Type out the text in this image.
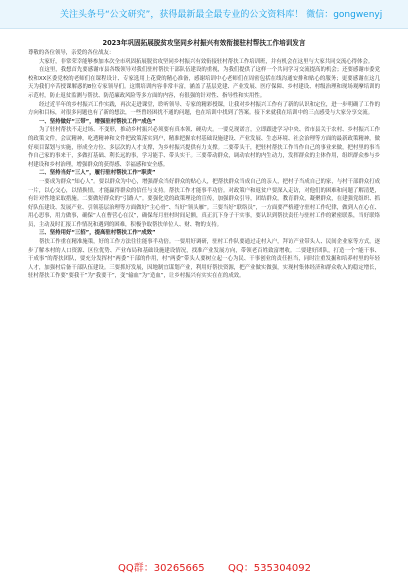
关注头条号“公文研究”，获得最新最全最专业的公文资料库！ 微信：gongwenyj
2023年巩固拓展脱贫攻坚同乡村振兴有效衔接驻村帮扶工作培训发言

尊敬的各位领导，亲爱的各位战友：

大家好，非常荣幸能够参加本次全市巩固拓展脱贫攻坚同乡村振兴有效衔接驻村帮扶工作培训班，并有机会在这里与大家共同交流心得体会。

在这里，我想首先要感谢市县各级领导对我们驻村帮扶干部队伍建设的重视，为我们提供了这样一个共同学习交流提高的机会；还要感谢市委党校和XX区委党校的老师们在课程设计、专家选用上花费的精心准备，感谢培训中心老师们在周密包括在线沟通安排和贴心的服务；更要感谢在这几天为我们辛苦授课解惑的8位专家领导们。这期培训内容非常丰富，涵盖了基层党建、产业发展、医疗保障、乡村建设、村级治理和现场观摩培训的示范村，防止返贫监测与帮扶、防范廉政风险等多方面的内容，有很强的针对性、指导性和实用性。

经过近半年的乡村振兴工作实践，再次走进课堂，聆听领导、专家的精彩授课，让我对乡村振兴工作有了新的认识和定位，进一步明确了工作的方向和目标，对很多问题也有了新的想法，一些曾经困扰不通的问题，也在培训中找到了答案。接下来就我在培训中的三点感受与大家分享交流。

一、坚持做好“三带”，增强驻村帮扶工作“成色”

为了驻村帮扶不走过场、不变形，推动乡村振兴必须要有真本领、硬功夫。一要兑现诺言，立即跟进学习中央、省市县关于农村、乡村振兴工作的政策文件，会议精神，吃透精神和文件把政策落实到户，精准把握农村基础设施建设、产业发展、生态环境、社会治理等方面的最新政策精神，做好项目谋划与实施，形成全方位、多层次的人才支撑，为乡村振兴提供有力支撑。二要带头干，把驻村帮扶工作当作自己的事业来做，把村里的事当作自己家的事来干，多做打基础、利长远的事，学习能手、带头实干。三要带动群众，调动农村的内生动力，发挥群众的主体作用，组织群众参与乡村建设和乡村治理，增强群众的获得感、幸福感和安全感。

二、坚持当好“三人”，履行驻村帮扶工作“职责”

一要成为群众“知心人”。要以群众为中心，增强群众当好群众的贴心人，把帮扶群众当成自己的亲人，把村子当成自己的家，与村干部群众打成一片，以心交心，以情换情，才能赢得群众的信任与支持。帮扶工作才能事半功倍。对政策户和返贫户要深入走访，对他们的困难和问题了解清楚，有针对性地采取措施。二要做好群众的“引路人”。要强化党的政策理论的宣传，加强群众引导，团结群众，教育群众，凝聚群众，在建强党组织、抓好队伍建设、发展产业、引领基层治理等方面做好“主心骨”、当好“领头雁”。三要当好“联络员”，一方面要严格遵守驻村工作纪律，做到人在心在、用心思事，用力做事，确保“人在曹营心在汉”，确保每月驻村时间足额，真正沉下身子干实事，要认识到帮扶责任与驻村工作的紧密联系，当好联络员，主动及时汇报工作情况和遇到的困难，积极争取帮扶单位人、财、物的支持。

三、坚持用好“三招”，提高驻村帮扶工作“成效”

帮扶工作重在精准施策，好的工作方法往往能事半功倍。一要用好调研，驻村工作队要通过走村入户，拜访产业带头人、民间企业家等方式，逐步了解本村的人口资源、区位优势、产业布局和基础设施建设情况，找准产业发展方向，带领老百姓致富增收。二要建好团队，打造一个“能干事、干成事”的帮扶团队，要充分发挥村“两委”干部的作用，村“两委”带头人要树立起一心为民、干事创业的责任担当，同时注重发掘和培养村里的年轻人才，加强村后备干部队伍建设。三要抓好发展，因地制宜谋划产业，利用好帮扶资源，把产业做实做强，实现村集体经济和群众收入的稳定增长，驻村帮扶工作要“要我干”为“我要干”，变“输血”为“造血”，让乡村振兴有实实在在的成效。

QQ群：30265665 QQ：535304092
